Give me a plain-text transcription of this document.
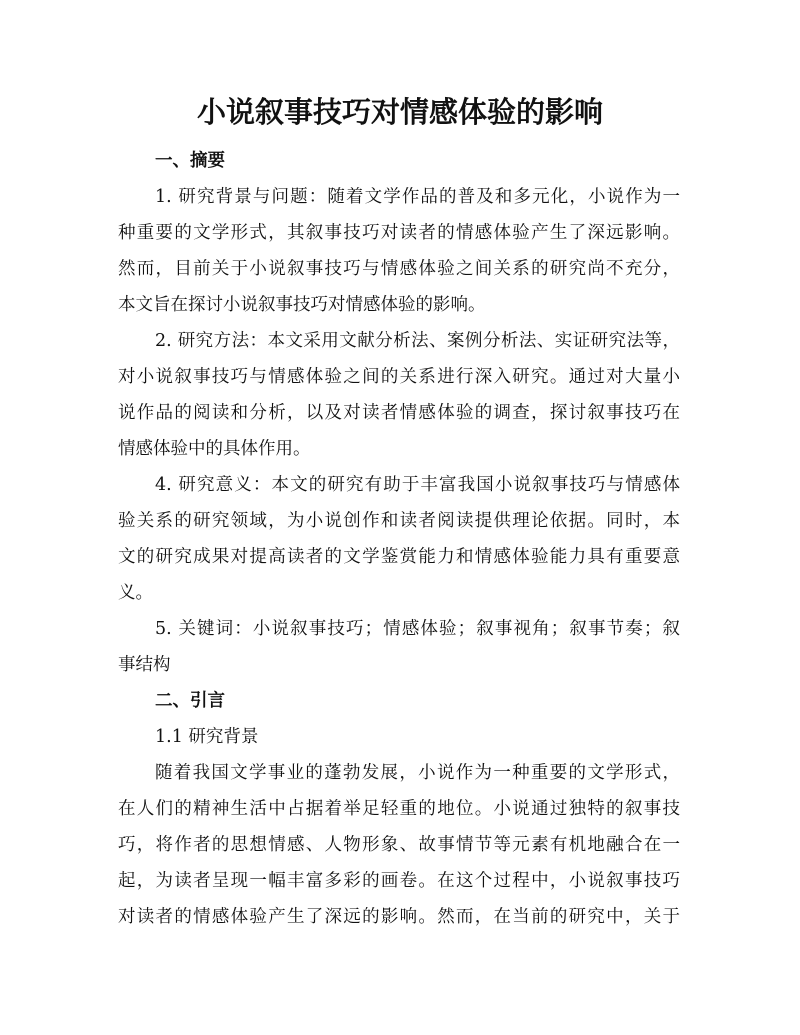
小说叙事技巧对情感体验的影响
一、摘要
1. 研究背景与问题：随着文学作品的普及和多元化，小说作为一
种重要的文学形式，其叙事技巧对读者的情感体验产生了深远影响。
然而，目前关于小说叙事技巧与情感体验之间关系的研究尚不充分，
本文旨在探讨小说叙事技巧对情感体验的影响。
2. 研究方法：本文采用文献分析法、案例分析法、实证研究法等，
对小说叙事技巧与情感体验之间的关系进行深入研究。通过对大量小
说作品的阅读和分析，以及对读者情感体验的调查，探讨叙事技巧在
情感体验中的具体作用。
4. 研究意义：本文的研究有助于丰富我国小说叙事技巧与情感体
验关系的研究领域，为小说创作和读者阅读提供理论依据。同时，本
文的研究成果对提高读者的文学鉴赏能力和情感体验能力具有重要意
义。
5. 关键词：小说叙事技巧；情感体验；叙事视角；叙事节奏；叙
事结构
二、引言
1.1 研究背景
随着我国文学事业的蓬勃发展，小说作为一种重要的文学形式，
在人们的精神生活中占据着举足轻重的地位。小说通过独特的叙事技
巧，将作者的思想情感、人物形象、故事情节等元素有机地融合在一
起，为读者呈现一幅丰富多彩的画卷。在这个过程中，小说叙事技巧
对读者的情感体验产生了深远的影响。然而，在当前的研究中，关于
